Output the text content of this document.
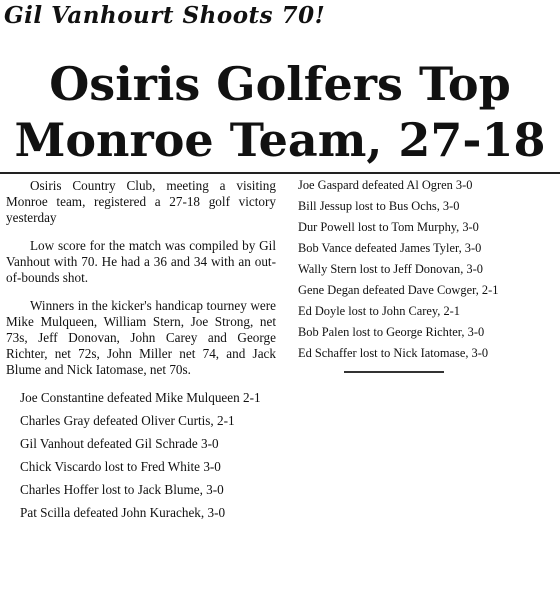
Gil Vanhourt Shoots 70!
Osiris Golfers Top
Monroe Team, 27-18

Osiris Country Club, meeting a visiting Monroe team, registered a 27-18 golf victory yesterday

Low score for the match was compiled by Gil Vanhout with 70. He had a 36 and 34 with an out-of-bounds shot.

Winners in the kicker's handicap tourney were Mike Mulqueen, William Stern, Joe Strong, net 73s, Jeff Donovan, John Carey and George Richter, net 72s, John Miller net 74, and Jack Blume and Nick Iatomase, net 70s.

Joe Constantine defeated Mike Mulqueen 2-1
Charles Gray defeated Oliver Curtis, 2-1
Gil Vanhout defeated Gil Schrade 3-0
Chick Viscardo lost to Fred White 3-0
Charles Hoffer lost to Jack Blume, 3-0
Pat Scilla defeated John Kurachek, 3-0
Joe Gaspard defeated Al Ogren 3-0
Bill Jessup lost to Bus Ochs, 3-0
Dur Powell lost to Tom Murphy, 3-0
Bob Vance defeated James Tyler, 3-0
Wally Stern lost to Jeff Donovan, 3-0
Gene Degan defeated Dave Cowger, 2-1
Ed Doyle lost to John Carey, 2-1
Bob Palen lost to George Richter, 3-0
Ed Schaffer lost to Nick Iatomase, 3-0
